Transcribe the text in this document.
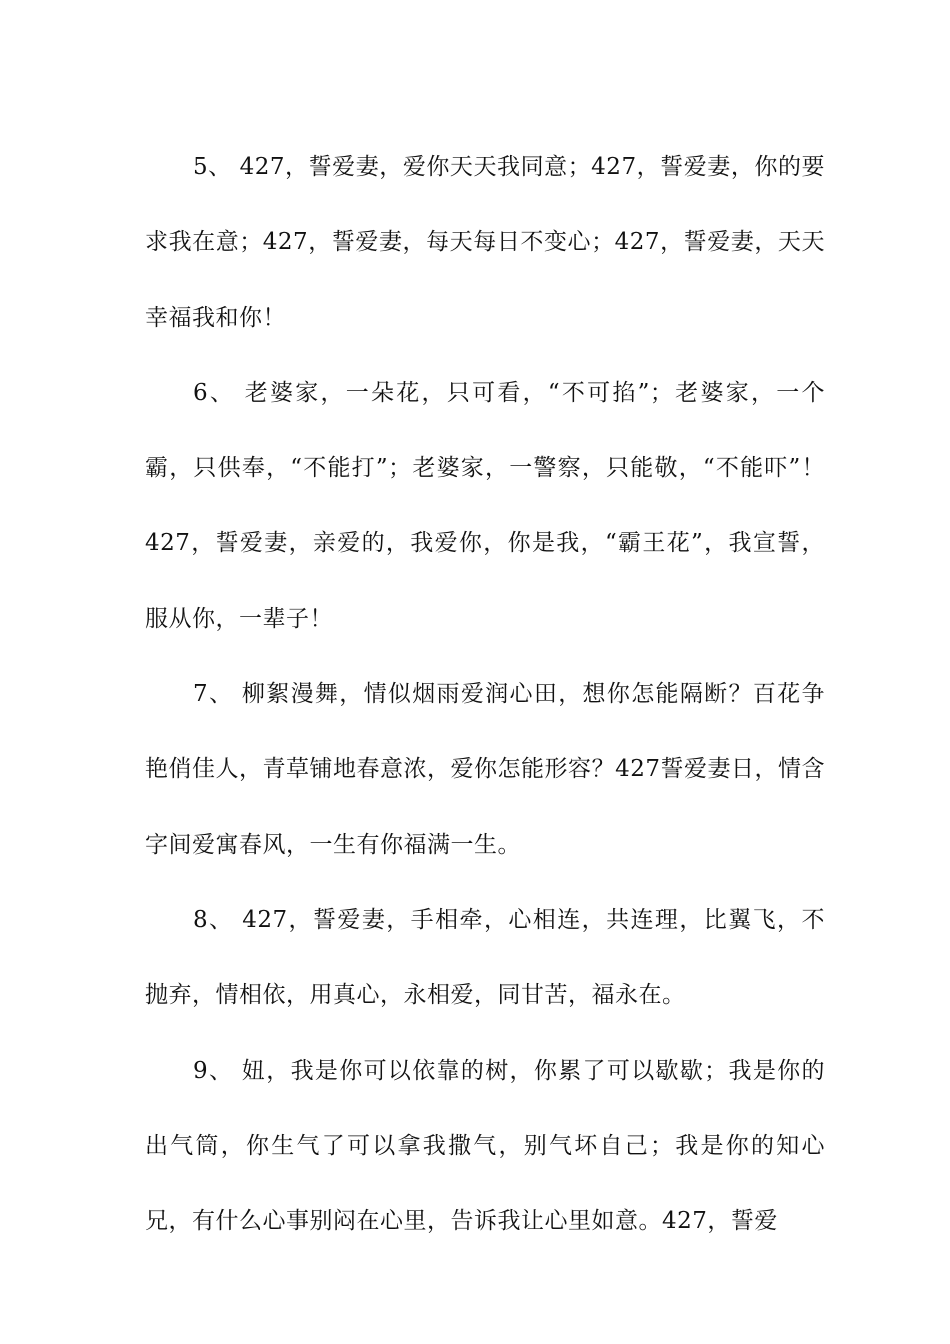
5、 427，誓爱妻，爱你天天我同意；427，誓爱妻，你的要求我在意；427，誓爱妻，每天每日不变心；427，誓爱妻，天天幸福我和你！

6、 老婆家，一朵花，只可看，“不可掐”；老婆家，一个霸，只供奉，“不能打”；老婆家，一警察，只能敬，“不能吓”！427，誓爱妻，亲爱的，我爱你，你是我，“霸王花”，我宣誓，服从你，一辈子！

7、 柳絮漫舞，情似烟雨爱润心田，想你怎能隔断？百花争艳俏佳人，青草铺地春意浓，爱你怎能形容？427誓爱妻日，情含字间爱寓春风，一生有你福满一生。

8、 427，誓爱妻，手相牵，心相连，共连理，比翼飞，不抛弃，情相依，用真心，永相爱，同甘苦，福永在。

9、 妞，我是你可以依靠的树，你累了可以歇歇；我是你的出气筒，你生气了可以拿我撒气，别气坏自己；我是你的知心兄，有什么心事别闷在心里，告诉我让心里如意。427，誓爱
